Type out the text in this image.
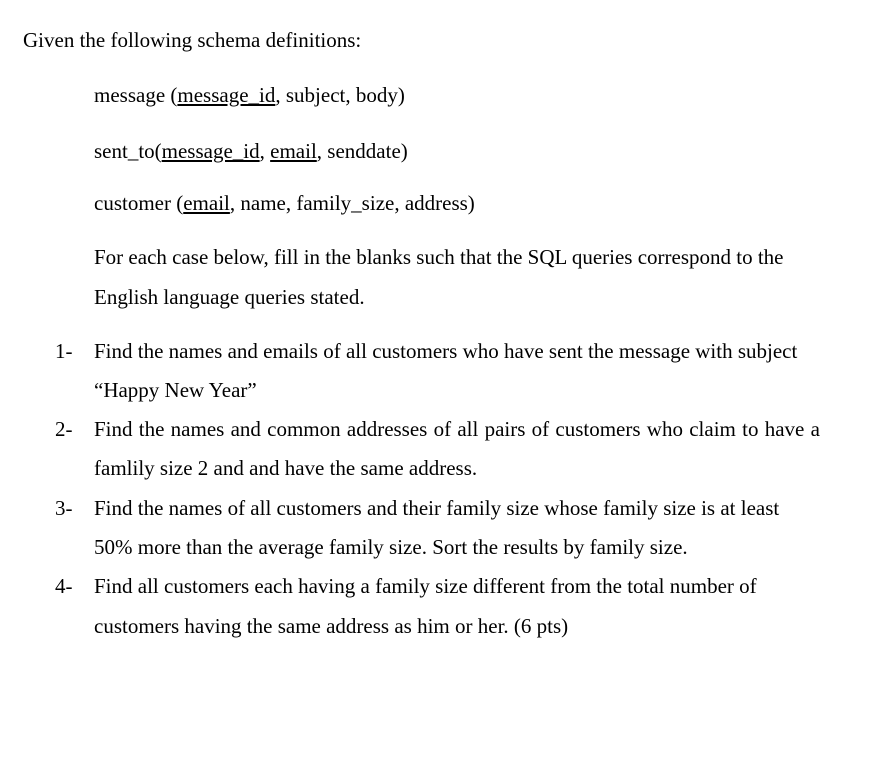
Given the following schema definitions:
message (message_id, subject, body)
sent_to(message_id, email, senddate)
customer (email, name, family_size, address)
For each case below, fill in the blanks such that the SQL queries correspond to the
English language queries stated.
1- Find the names and emails of all customers who have sent the message with subject
“Happy New Year”
2- Find the names and common addresses of all pairs of customers who claim to have a
famlily size 2 and and have the same address.
3- Find the names of all customers and their family size whose family size is at least
50% more than the average family size. Sort the results by family size.
4- Find all customers each having a family size different from the total number of
customers having the same address as him or her. (6 pts)
